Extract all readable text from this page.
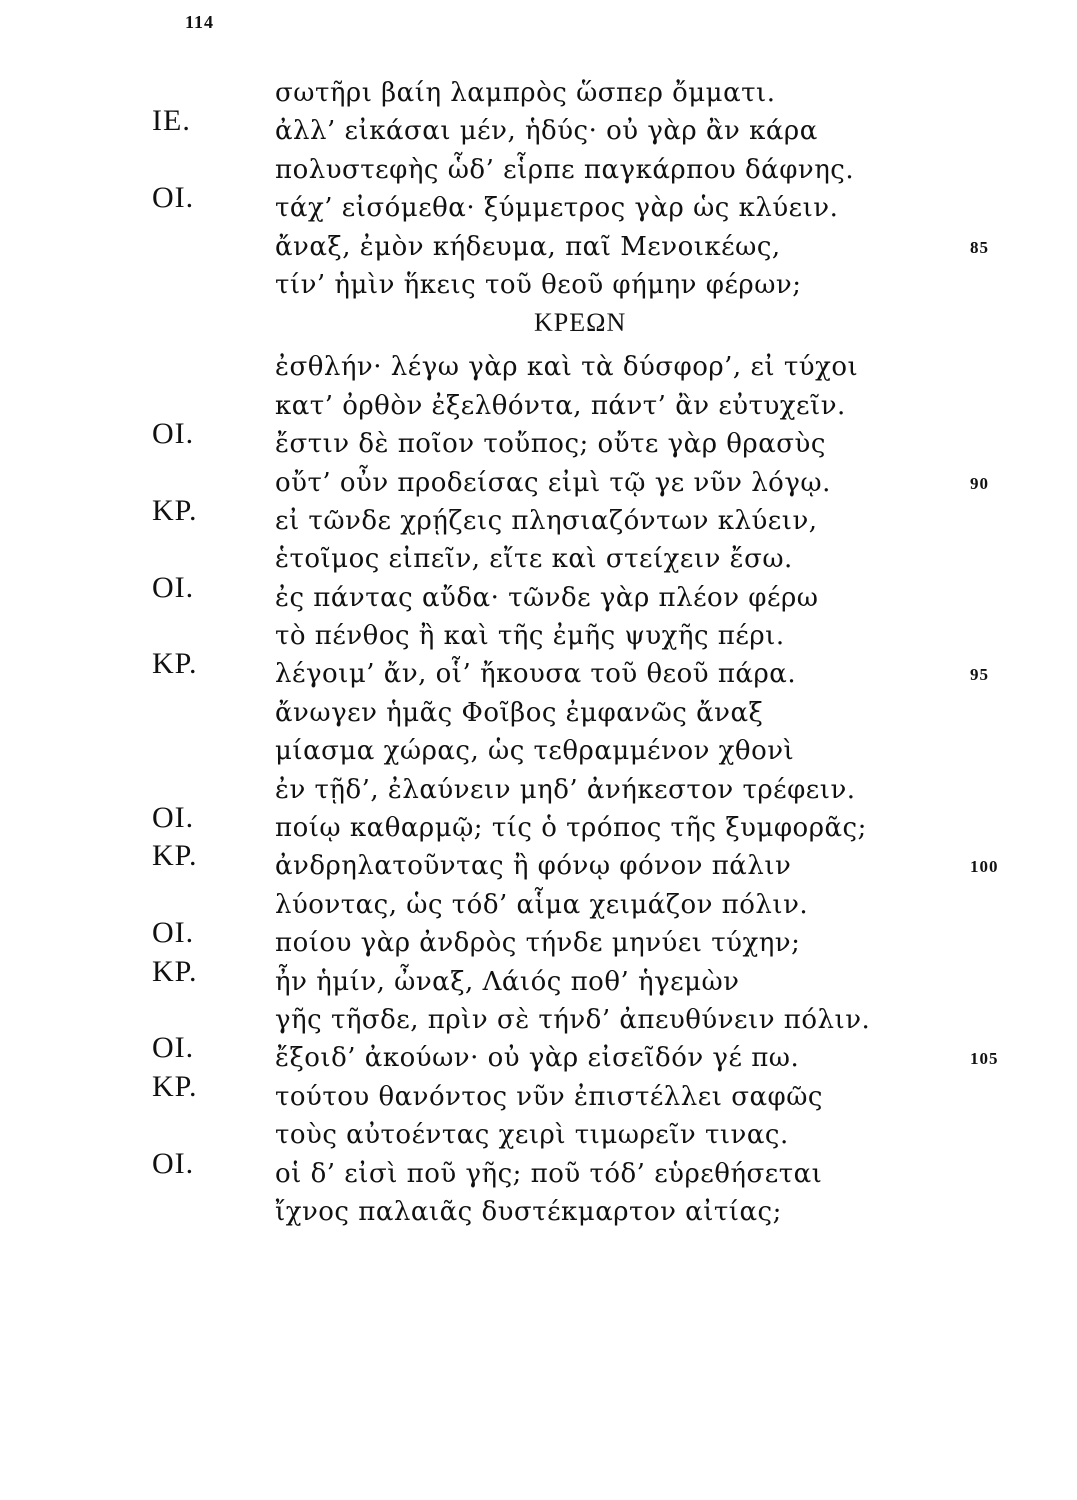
114
σωτῆρι βαίη λαμπρὸς ὥσπερ ὄμματι.
ΙΕ.	ἀλλ’ εἰκάσαι μέν, ἡδύς· οὐ γὰρ ἂν κάρα
πολυστεφὴς ὧδ’ εἷρπε παγκάρπου δάφνης.
ΟΙ.	τάχ’ εἰσόμεθα· ξύμμετρος γὰρ ὡς κλύειν.
ἄναξ, ἐμὸν κήδευμα, παῖ Μενοικέως,	85
τίν’ ἡμὶν ἥκεις τοῦ θεοῦ φήμην φέρων;
ΚΡΕΩΝ
ἐσθλήν· λέγω γὰρ καὶ τὰ δύσφορ’, εἰ τύχοι
κατ’ ὀρθὸν ἐξελθόντα, πάντ’ ἂν εὐτυχεῖν.
ΟΙ.	ἔστιν δὲ ποῖον τοὔπος; οὔτε γὰρ θρασὺς
οὔτ’ οὖν προδείσας εἰμὶ τῷ γε νῦν λόγῳ.	90
ΚΡ.	εἰ τῶνδε χρῄζεις πλησιαζόντων κλύειν,
ἑτοῖμος εἰπεῖν, εἴτε καὶ στείχειν ἔσω.
ΟΙ.	ἐς πάντας αὔδα· τῶνδε γὰρ πλέον φέρω
τὸ πένθος ἢ καὶ τῆς ἐμῆς ψυχῆς πέρι.
ΚΡ.	λέγοιμ’ ἄν, οἷ’ ἤκουσα τοῦ θεοῦ πάρα.	95
ἄνωγεν ἡμᾶς Φοῖβος ἐμφανῶς ἄναξ
μίασμα χώρας, ὡς τεθραμμένον χθονὶ
ἐν τῇδ’, ἐλαύνειν μηδ’ ἀνήκεστον τρέφειν.
ΟΙ.	ποίῳ καθαρμῷ; τίς ὁ τρόπος τῆς ξυμφορᾶς;
ΚΡ.	ἀνδρηλατοῦντας ἢ φόνῳ φόνον πάλιν	100
λύοντας, ὡς τόδ’ αἷμα χειμάζον πόλιν.
ΟΙ.	ποίου γὰρ ἀνδρὸς τήνδε μηνύει τύχην;
ΚΡ.	ἦν ἡμίν, ὦναξ, Λάιός ποθ’ ἡγεμὼν
γῆς τῆσδε, πρὶν σὲ τήνδ’ ἀπευθύνειν πόλιν.
ΟΙ.	ἔξοιδ’ ἀκούων· οὐ γὰρ εἰσεῖδόν γέ πω.	105
ΚΡ.	τούτου θανόντος νῦν ἐπιστέλλει σαφῶς
τοὺς αὐτοέντας χειρὶ τιμωρεῖν τινας.
ΟΙ.	οἱ δ’ εἰσὶ ποῦ γῆς; ποῦ τόδ’ εὑρεθήσεται
ἴχνος παλαιᾶς δυστέκμαρτον αἰτίας;
